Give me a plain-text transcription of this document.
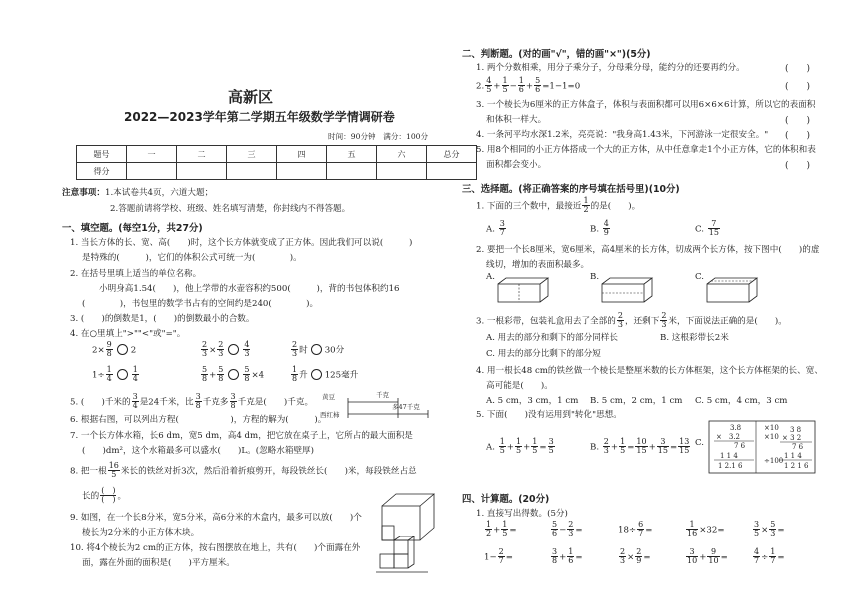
高新区
2022—2023学年第二学期五年级数学学情调研卷
时间：90分钟　满分：100分
题号	一	二	三	四	五	六	总分
得分							
注意事项：1.本试卷共4页，六道大题；
2.答题前请将学校、班级、姓名填写清楚，你封线内不得答题。
一、填空题。(每空1分，共27分)
1. 当长方体的长、宽、高(　　)时，这个长方体就变成了正方体。因此我们可以说(　　　)
是特殊的(　　　)，它们的体积公式可统一为(　　　　)。
2. 在括号里填上适当的单位名称。
小明身高1.54(　　)，他上学带的水壶容积约500(　　　)，背的书包体积约16
(　　　　)，书包里的数学书占有的空间约是240(　　　　)。
3. (　　)的倒数是1，(　　)的倒数最小的合数。
4. 在○里填上">""<"或"="。
$2\times \frac{9}{8} 2$	$\frac{2}{3} \times \frac{2}{3} \frac{4}{3}$	$\frac{2}{3}$ 时 30分
$1\div \frac{1}{4} \frac{1}{4}$	$\frac{5}{8} + \frac{5}{8} \frac{5}{8} \times 4$	$\frac{1}{8}$ 升 125毫升
5. (　　)千米的 $\frac{3}{4}$ 是24千米，比 $\frac{3}{8}$ 千克多 $\frac{3}{8}$ 千克是(　　)千克。
黄豆	千克
多47千克
西红柿
6. 根据右图，可以列出方程(　　　　　　)，方程的解为(　　　)。
7. 一个长方体水箱，长6 dm，宽5 dm，高4 dm，把它放在桌子上，它所占的最大面积是
(　　)dm²，这个水箱最多可以盛水(　　)L。(忽略水箱壁厚)
8. 把一根 $\frac{16}{5}$ 米长的铁丝对折3次，然后沿着折痕剪开，每段铁丝长(　　)米，每段铁丝占总
长的 $\frac{( )}{( )}$ 。
9. 如图，在一个长8分米，宽5分米，高6分米的木盒内，最多可以放(　　)个
棱长为2分米的小正方体木块。
10. 将4个棱长为2 cm的正方体，按右图摆放在地上，共有(　　)个面露在外
面，露在外面的面积是(　　)平方厘米。
二、判断题。(对的画"√"，错的画"×")(5分)
1. 两个分数相乘，用分子乘分子，分母乘分母，能约分的还要再约分。
2. $\frac{4}{5} + \frac{1}{5} - \frac{1}{6} + \frac{5}{6} =1-1=0$
3. 一个棱长为6厘米的正方体盒子，体积与表面积都可以用6×6×6计算，所以它的表面积
和体积一样大。
4. 一条河平均水深1.2米，亮亮说："我身高1.43米，下河游泳一定很安全。"
5. 用8个相同的小正方体搭成一个大的正方体，从中任意拿走1个小正方体，它的体积和表
面积都会变小。
(　　)
(　　)
(　　)
(　　)
(　　)
三、选择题。(将正确答案的序号填在括号里)(10分)
1. 下面的三个数中，最接近 $\frac{1}{2}$ 的是(　　)。
A. $\frac{3}{7}$	B. $\frac{4}{9}$	C. $\frac{7}{15}$
2. 要把一个长8厘米，宽6厘米，高4厘米的长方体，切成两个长方体，按下图中(　　)的虚
线切，增加的表面积最多。
A.	B.	C.
3. 一根彩带，包装礼盒用去了全部的 $\frac{2}{3}$ ，还剩下 $\frac{2}{3}$ 米，下面说法正确的是(　　)。
A. 用去的部分和剩下的部分同样长	B. 这根彩带长2米
C. 用去的部分比剩下的部分短
4. 用一根长48 cm的铁丝做一个棱长是整厘米数的长方体框架，这个长方体框架的长、宽、
高可能是(　　)。
A. 5 cm，3 cm，1 cm B. 5 cm，2 cm，1 cm C. 5 cm，4 cm，3 cm
5. 下面(　　)没有运用到"转化"思想。
A. $\frac{1}{5} + \frac{1}{5} + \frac{1}{5} = \frac{3}{5}$	B. $\frac{2}{3} + \frac{1}{5} = \frac{10}{15} + \frac{3}{15} = \frac{13}{15} C$.
3.8
×　3.2
7 6
1 1 4
1 2.1 6
×10
×10
÷100
3 8
× 3 2
7 6
1 1 4
1 2 1 6
四、计算题。(20分)
1. 直接写出得数。(5分)
$\frac{1}{2} + \frac{1}{5}$ =	$\frac{5}{6} - \frac{2}{3}$ =	$18\div \frac{6}{7}$ =	$\frac{1}{16} \times 32=$	$\frac{3}{5} \times \frac{5}{3}$ =
$1- \frac{2}{7}$ =	$\frac{3}{8} + \frac{1}{6}$ =	$\frac{2}{3} \times \frac{2}{9}$ =	$\frac{3}{10} + \frac{9}{10}$ =	$\frac{4}{7} \div \frac{1}{7}$ =
